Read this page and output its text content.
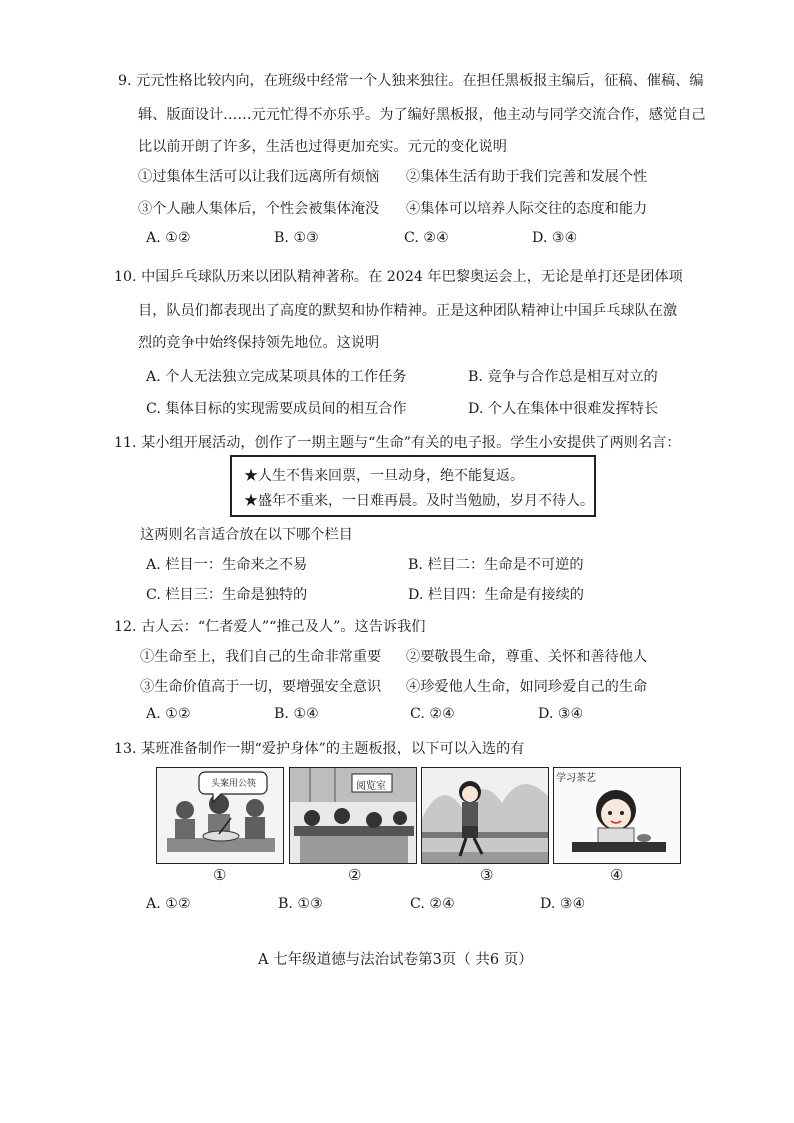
9. 元元性格比较内向，在班级中经常一个人独来独往。在担任黑板报主编后，征稿、催稿、编
辑、版面设计……元元忙得不亦乐乎。为了编好黑板报，他主动与同学交流合作，感觉自己
比以前开朗了许多，生活也过得更加充实。元元的变化说明
①过集体生活可以让我们远离所有烦恼 ②集体生活有助于我们完善和发展个性
③个人融人集体后，个性会被集体淹没 ④集体可以培养人际交往的态度和能力
A. ①②	B. ①③	C. ②④	D. ③④
10. 中国乒乓球队历来以团队精神著称。在 2024 年巴黎奥运会上，无论是单打还是团体项
目，队员们都表现出了高度的默契和协作精神。正是这种团队精神让中国乒乓球队在激
烈的竞争中始终保持领先地位。这说明
A. 个人无法独立完成某项具体的工作任务	B. 竞争与合作总是相互对立的
C. 集体目标的实现需要成员间的相互合作	D. 个人在集体中很难发挥特长
11. 某小组开展活动，创作了一期主题与“生命”有关的电子报。学生小安提供了两则名言：
★人生不售来回票，一旦动身，绝不能复返。
★盛年不重来，一日难再晨。及时当勉励，岁月不待人。
这两则名言适合放在以下哪个栏目
A. 栏目一：生命来之不易	B. 栏目二：生命是不可逆的
C. 栏目三：生命是独特的	D. 栏目四：生命是有接续的
12. 古人云：“仁者爱人”“推己及人”。这告诉我们
①生命至上，我们自己的生命非常重要 ②要敬畏生命，尊重、关怀和善待他人
③生命价值高于一切，要增强安全意识 ④珍爱他人生命，如同珍爱自己的生命
A. ①②	B. ①④	C. ②④	D. ③④
13. 某班准备制作一期“爱护身体”的主题板报，以下可以入选的有
头案用公筷	阅览室
学习茶艺
①	②	③	④
A. ①②	B. ①③	C. ②④	D. ③④
A 七年级道德与法治试卷第3页（ 共6 页）
